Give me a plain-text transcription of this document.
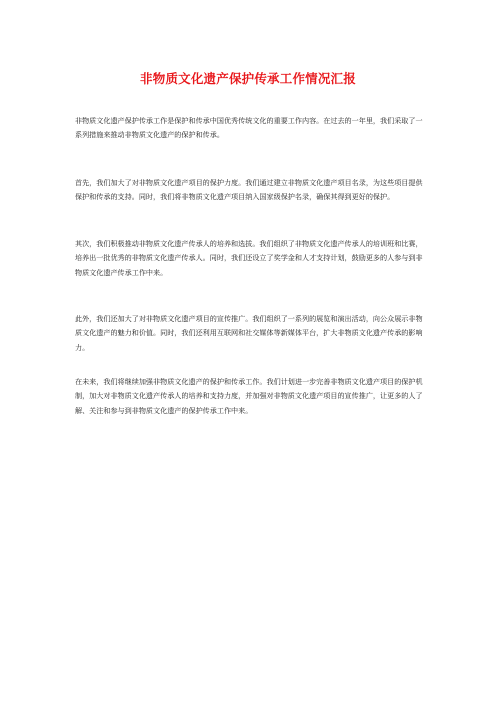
非物质文化遗产保护传承工作情况汇报

非物质文化遗产保护传承工作是保护和传承中国优秀传统文化的重要工作内容。在过去的一年里，我们采取了一系列措施来推动非物质文化遗产的保护和传承。

首先，我们加大了对非物质文化遗产项目的保护力度。我们通过建立非物质文化遗产项目名录，为这些项目提供保护和传承的支持。同时，我们将非物质文化遗产项目纳入国家级保护名录，确保其得到更好的保护。

其次，我们积极推动非物质文化遗产传承人的培养和选拔。我们组织了非物质文化遗产传承人的培训班和比赛，培养出一批优秀的非物质文化遗产传承人。同时，我们还设立了奖学金和人才支持计划，鼓励更多的人参与到非物质文化遗产传承工作中来。

此外，我们还加大了对非物质文化遗产项目的宣传推广。我们组织了一系列的展览和演出活动，向公众展示非物质文化遗产的魅力和价值。同时，我们还利用互联网和社交媒体等新媒体平台，扩大非物质文化遗产传承的影响力。

在未来，我们将继续加强非物质文化遗产的保护和传承工作。我们计划进一步完善非物质文化遗产项目的保护机制，加大对非物质文化遗产传承人的培养和支持力度，并加强对非物质文化遗产项目的宣传推广，让更多的人了解、关注和参与到非物质文化遗产的保护传承工作中来。
